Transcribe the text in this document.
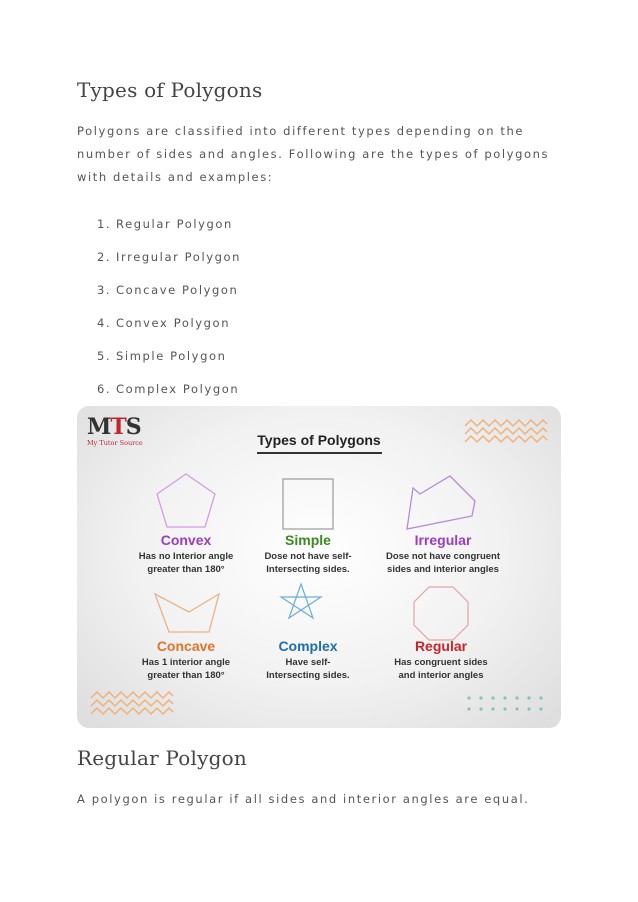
Types of Polygons

Polygons are classified into different types depending on the number of sides and angles. Following are the types of polygons with details and examples:

1. Regular Polygon
2. Irregular Polygon
3. Concave Polygon
4. Convex Polygon
5. Simple Polygon
6. Complex Polygon
MTS
My Tutor Source	Types of Polygons
Convex
Has no Interior angle
greater than 180°
Simple
Dose not have self-
Intersecting sides.
Irregular
Dose not have congruent
sides and interior angles
Concave
Has 1 interior angle
greater than 180°
Complex
Have self-
Intersecting sides.
Regular
Has congruent sides
and interior angles
Regular Polygon

A polygon is regular if all sides and interior angles are equal.
